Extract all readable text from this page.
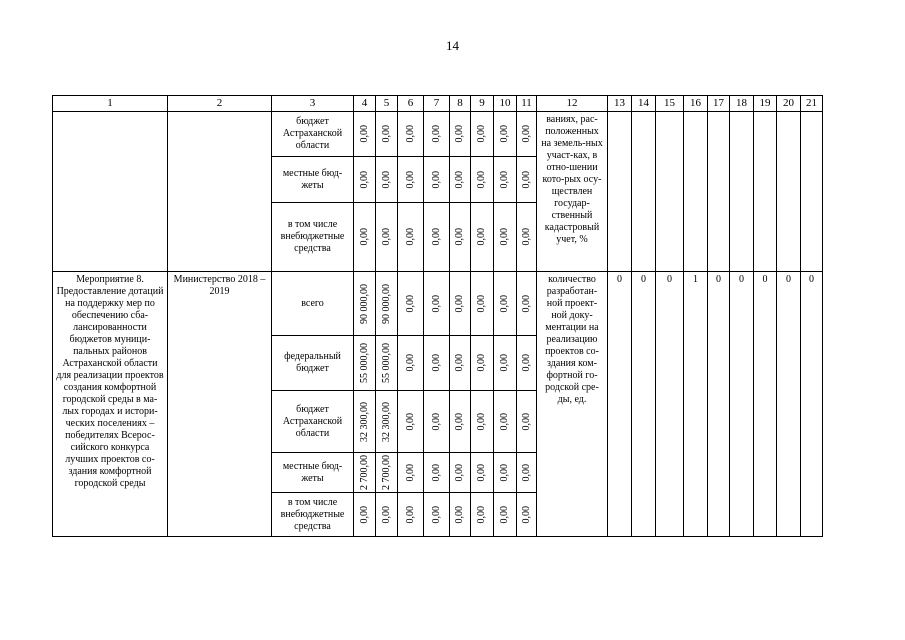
14
1	2	3	4	5	6	7	8	9	10	11	12	13	14	15	16	17	18	19	20	21
		бюджет Астраханской области	0,00	0,00	0,00	0,00	0,00	0,00	0,00	0,00	ваниях, рас-положенных на земель-ных участ-ках, в отно-шении кото-рых осу-ществлен государ-ственный кадастровый учет, %									
		местные бюд-жеты	0,00	0,00	0,00	0,00	0,00	0,00	0,00	0,00										

		в том числе внебюджетные средства	0,00	0,00	0,00	0,00	0,00	0,00	0,00	0,00										

Мероприятие 8. Предоставление дотаций на поддержку мер по обеспечению сба-лансированности бюджетов муници-пальных районов Астраханской области для реализации проектов создания комфортной городской среды в ма-лых городах и истори-ческих поселениях – победителях Всерос-сийского конкурса лучших проектов со-здания комфортной городской среды	Министерство 2018 – 2019	всего	90 000,00	90 000,00	0,00	0,00	0,00	0,00	0,00	0,00	количество разработан-ной проект-ной доку-ментации на реализацию проектов со-здания ком-фортной го-родской сре-ды, ед.	0	0	0	1	0	0	0	0	0
		федеральный бюджет	55 000,00	55 000,00	0,00	0,00	0,00	0,00	0,00	0,00										

		бюджет Астраханской области	32 300,00	32 300,00	0,00	0,00	0,00	0,00	0,00	0,00										

		местные бюд-жеты	2 700,00	2 700,00	0,00	0,00	0,00	0,00	0,00	0,00										

		в том числе внебюджетные средства	0,00	0,00	0,00	0,00	0,00	0,00	0,00	0,00										
